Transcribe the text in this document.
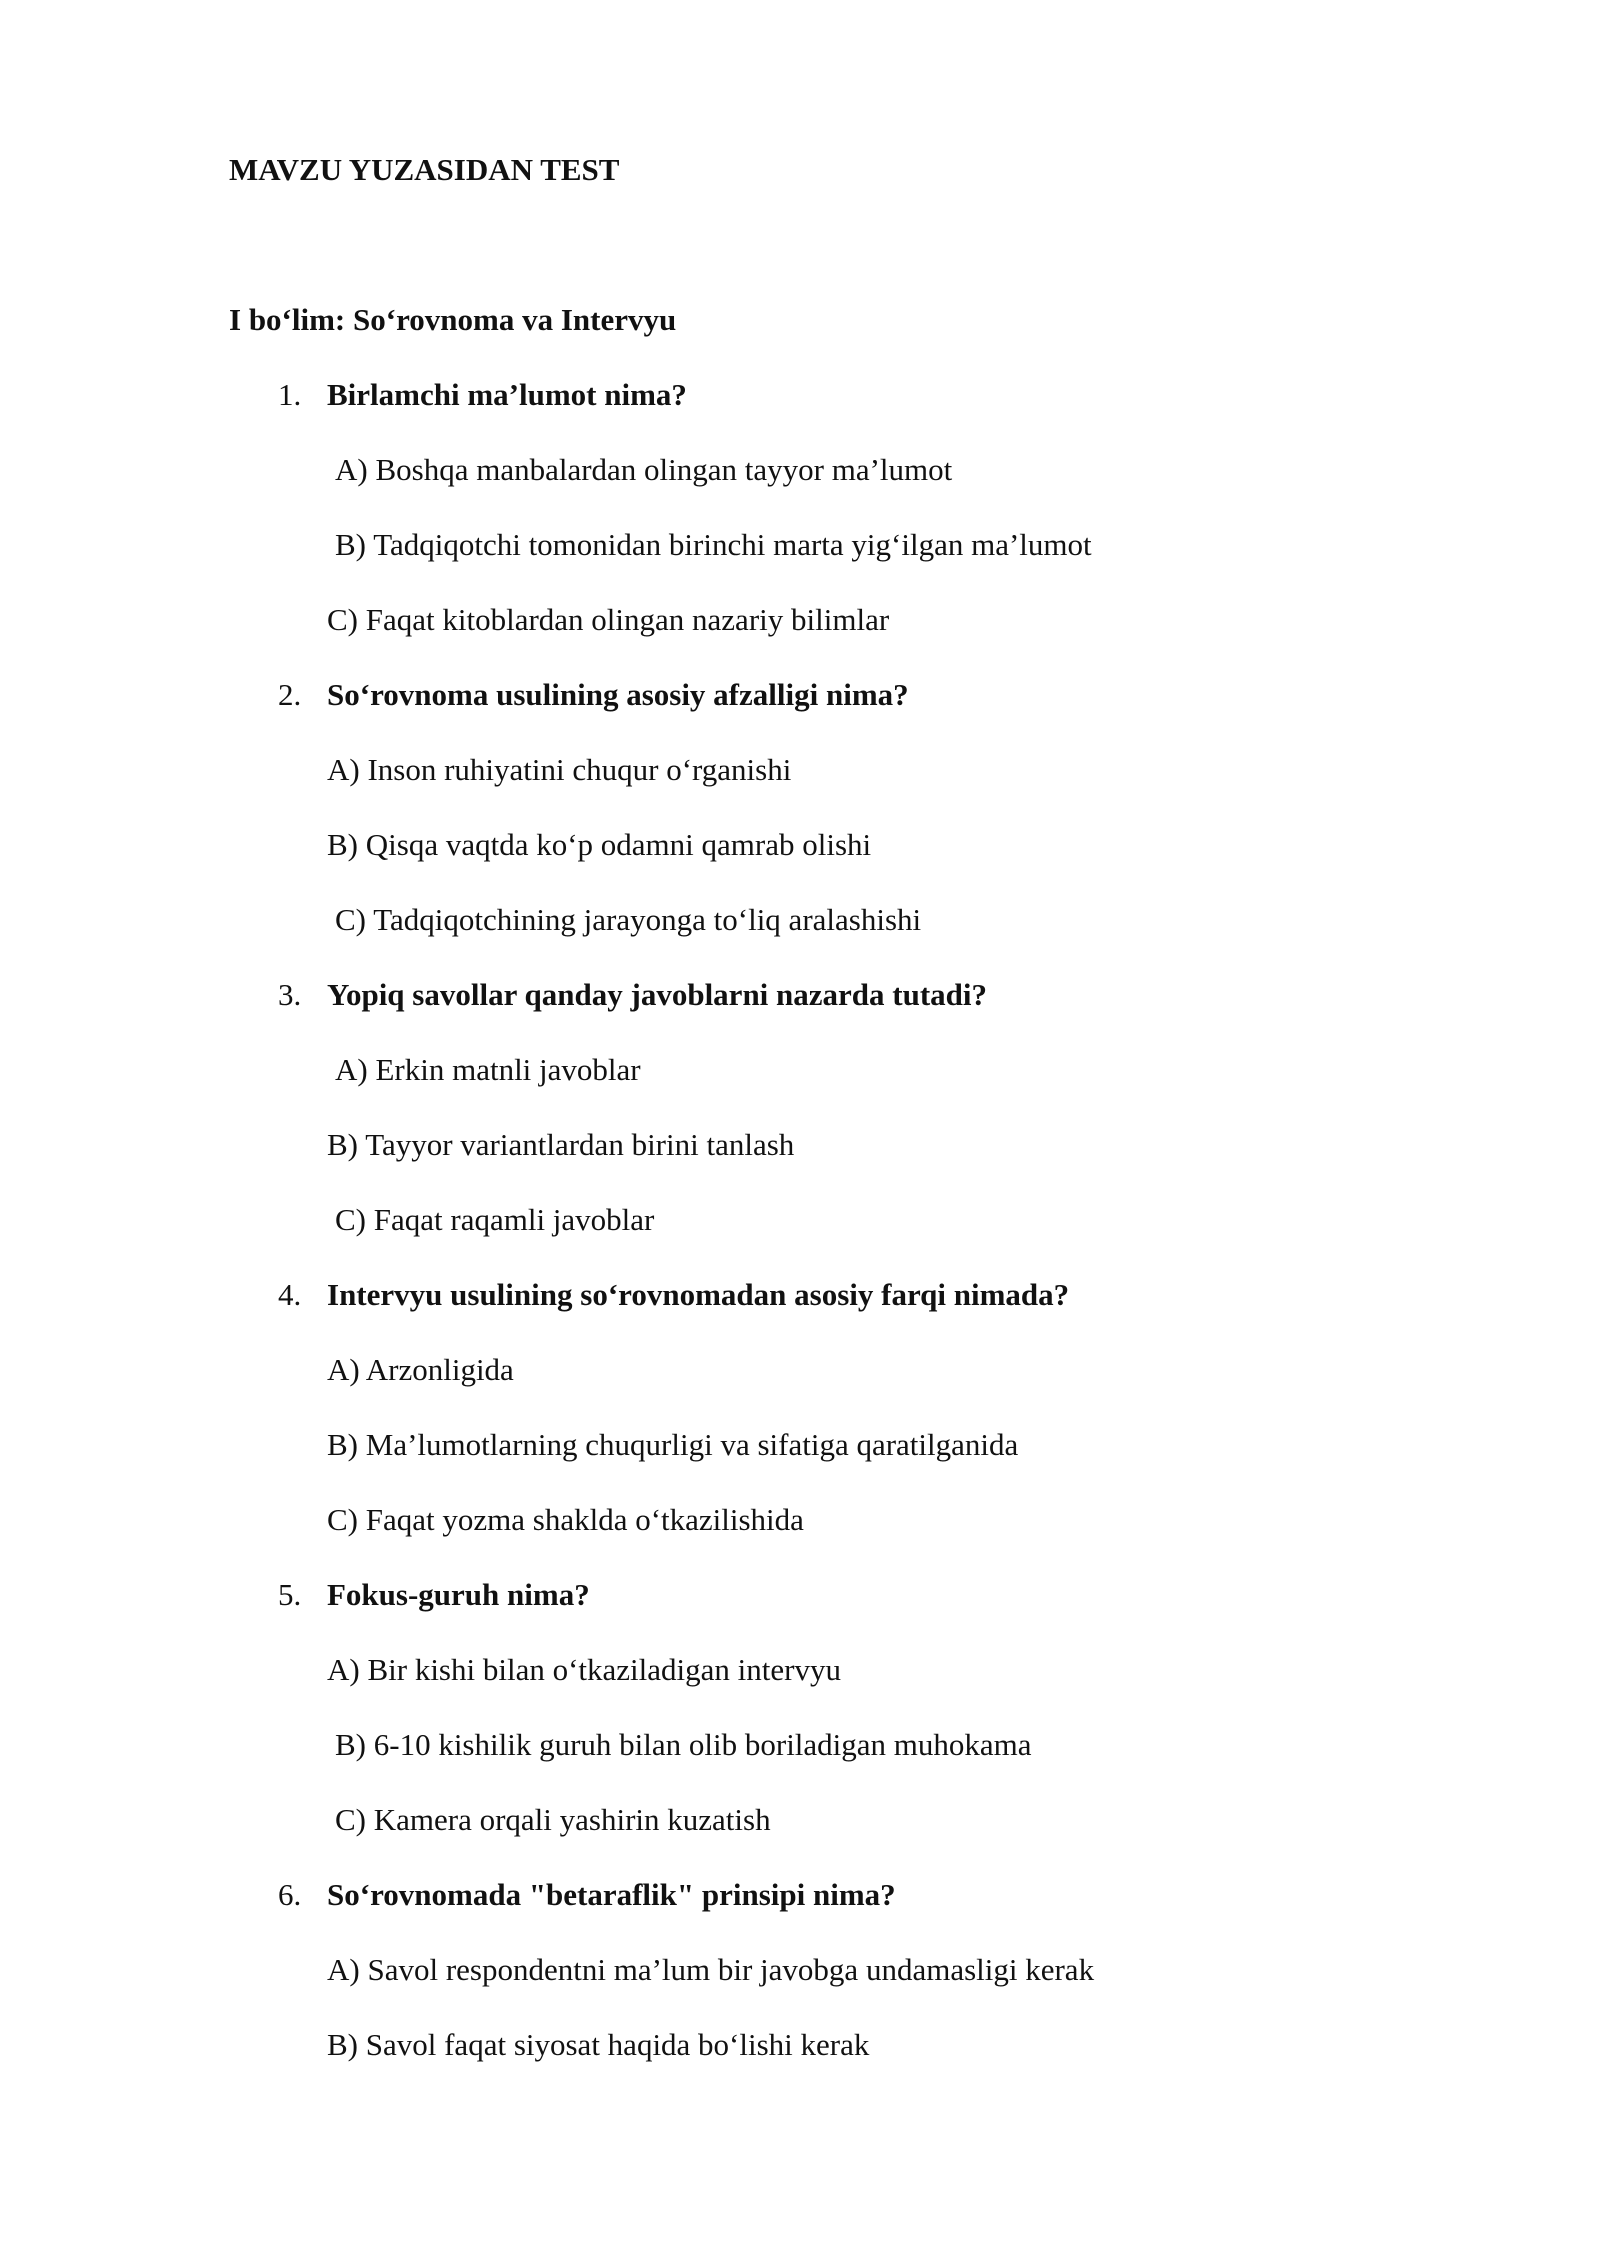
MAVZU YUZASIDAN TEST
I bo‘lim: So‘rovnoma va Intervyu
1. Birlamchi ma’lumot nima?
A) Boshqa manbalardan olingan tayyor ma’lumot
B) Tadqiqotchi tomonidan birinchi marta yig‘ilgan ma’lumot
C) Faqat kitoblardan olingan nazariy bilimlar
2. So‘rovnoma usulining asosiy afzalligi nima?
A) Inson ruhiyatini chuqur o‘rganishi
B) Qisqa vaqtda ko‘p odamni qamrab olishi
C) Tadqiqotchining jarayonga to‘liq aralashishi
3. Yopiq savollar qanday javoblarni nazarda tutadi?
A) Erkin matnli javoblar
B) Tayyor variantlardan birini tanlash
C) Faqat raqamli javoblar
4. Intervyu usulining so‘rovnomadan asosiy farqi nimada?
A) Arzonligida
B) Ma’lumotlarning chuqurligi va sifatiga qaratilganida
C) Faqat yozma shaklda o‘tkazilishida
5. Fokus-guruh nima?
A) Bir kishi bilan o‘tkaziladigan intervyu
B) 6-10 kishilik guruh bilan olib boriladigan muhokama
C) Kamera orqali yashirin kuzatish
6. So‘rovnomada "betaraflik" prinsipi nima?
A) Savol respondentni ma’lum bir javobga undamasligi kerak
B) Savol faqat siyosat haqida bo‘lishi kerak
